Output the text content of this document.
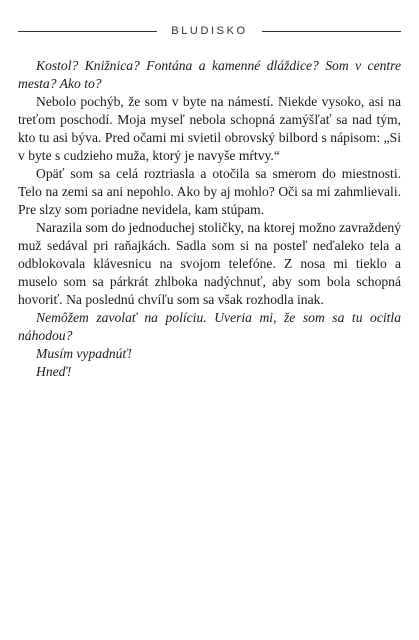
BLUDISKO

Kostol? Knižnica? Fontána a kamenné dláždice? Som v centre mesta? Ako to?

Nebolo pochýb, že som v byte na námestí. Niekde vysoko, asi na treťom poschodí. Moja myseľ nebola schopná zamýšľať sa nad tým, kto tu asi býva. Pred očami mi svietil obrovský bilbord s nápisom: „Si v byte s cudzieho muža, ktorý je navyše mŕtvy.“

Opäť som sa celá roztriasla a otočila sa smerom do miestnosti. Telo na zemi sa ani nepohlo. Ako by aj mohlo? Oči sa mi zahmlievali. Pre slzy som poriadne nevidela, kam stúpam.

Narazila som do jednoduchej stoličky, na ktorej možno zavraždený muž sedával pri raňajkách. Sadla som si na posteľ neďaleko tela a odblokovala klávesnicu na svojom telefóne. Z nosa mi tieklo a muselo som sa párkrát zhlboka nadýchnuť, aby som bola schopná hovoriť. Na poslednú chvíľu som sa však rozhodla inak.

Nemôžem zavolať na políciu. Uveria mi, že som sa tu ocitla náhodou?

Musím vypadnúť!

Hneď!
